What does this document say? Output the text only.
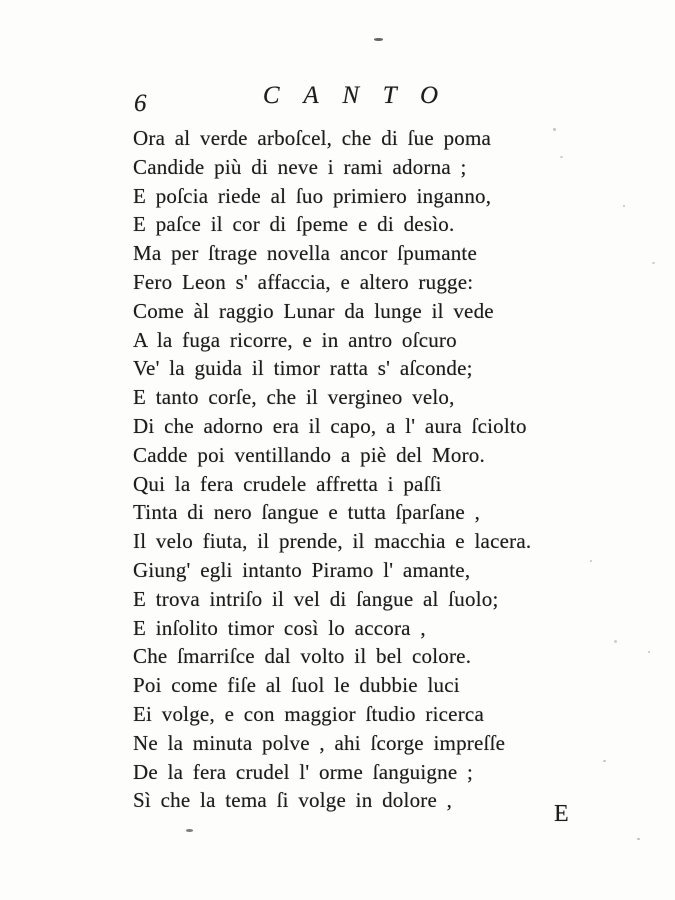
6	CANTO
Ora al verde arboſcel, che di ſue poma
Candide più di neve i rami adorna ;
E poſcia riede al ſuo primiero inganno,
E paſce il cor di ſpeme e di desìo.
Ma per ſtrage novella ancor ſpumante
Fero Leon s' affaccia, e altero rugge:
Come àl raggio Lunar da lunge il vede
A la fuga ricorre, e in antro oſcuro
Ve' la guida il timor ratta s' aſconde;
E tanto corſe, che il vergineo velo,
Di che adorno era il capo, a l' aura ſciolto
Cadde poi ventillando a piè del Moro.
Qui la fera crudele affretta i paſſi
Tinta di nero ſangue e tutta ſparſane ,
Il velo fiuta, il prende, il macchia e lacera.
Giung' egli intanto Piramo l' amante,
E trova intriſo il vel di ſangue al ſuolo;
E inſolito timor così lo accora ,
Che ſmarriſce dal volto il bel colore.
Poi come fiſe al ſuol le dubbie luci
Ei volge, e con maggior ſtudio ricerca
Ne la minuta polve , ahi ſcorge impreſſe
De la fera crudel l' orme ſanguigne ;
Sì che la tema ſi volge in dolore ,
E
